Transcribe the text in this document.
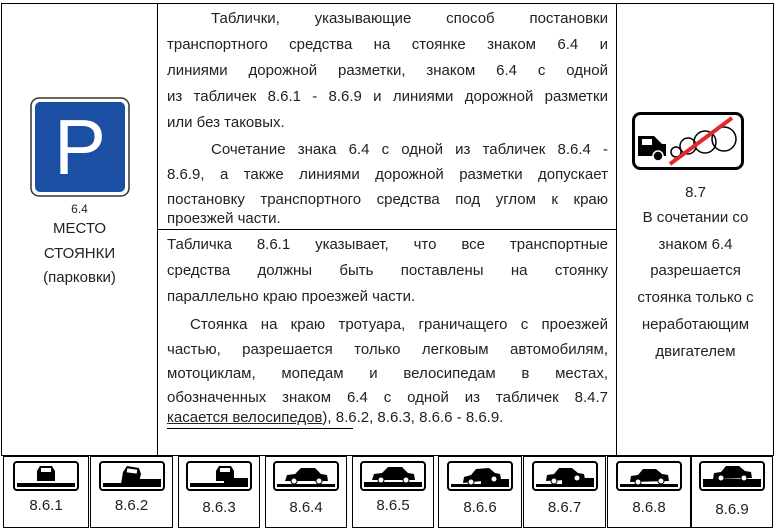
P
6.4
МЕСТО
СТОЯНКИ
(парковки)

Таблички, указывающие способ постановки

транспортного средства на стоянке знаком 6.4 и

линиями дорожной разметки, знаком 6.4 с одной

из табличек 8.6.1 - 8.6.9 и линиями дорожной разметки

или без таковых.

Сочетание знака 6.4 с одной из табличек 8.6.4 -

8.6.9, а также линиями дорожной разметки допускает

постановку транспортного средства под углом к краю

проезжей части.

Табличка 8.6.1 указывает, что все транспортные

средства должны быть поставлены на стоянку

параллельно краю проезжей части.

Стоянка на краю тротуара, граничащего с проезжей

частью, разрешается только легковым автомобилям,

мотоциклам, мопедам и велосипедам в местах,

обозначенных знаком 6.4 с одной из табличек 8.4.7

касается велосипедов), 8.6.2, 8.6.3, 8.6.6 - 8.6.9.

8.7
В сочетании со
знаком 6.4
разрешается
стоянка только с
неработающим
двигателем
8.6.1	8.6.2	8.6.3	8.6.4	8.6.5	8.6.6	8.6.7	8.6.8	8.6.9
